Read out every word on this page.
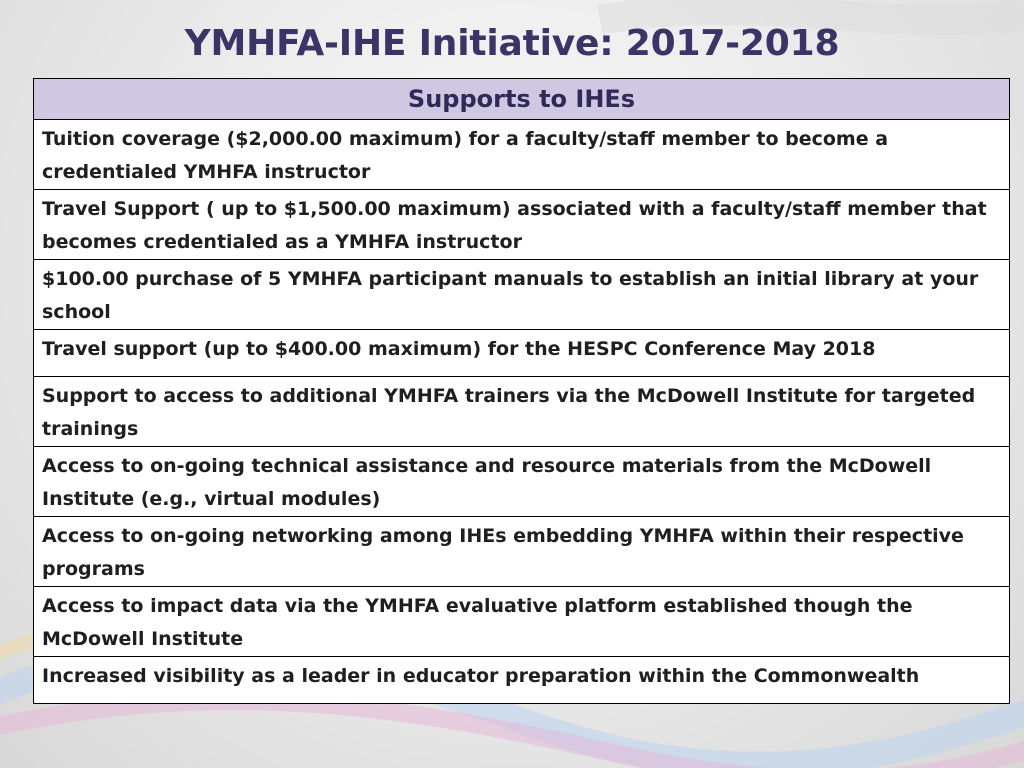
YMHFA-IHE Initiative: 2017-2018
Supports to IHEs
Tuition coverage ($2,000.00 maximum) for a faculty/staff member to become a credentialed YMHFA instructor
Travel Support ( up to $1,500.00 maximum) associated with a faculty/staff member that becomes credentialed as a YMHFA instructor
$100.00 purchase of 5 YMHFA participant manuals to establish an initial library at your school
Travel support (up to $400.00 maximum) for the HESPC Conference May 2018
Support to access to additional YMHFA trainers via the McDowell Institute for targeted trainings
Access to on-going technical assistance and resource materials from the McDowell Institute (e.g., virtual modules)
Access to on-going networking among IHEs embedding YMHFA within their respective programs
Access to impact data via the YMHFA evaluative platform established though the McDowell Institute
Increased visibility as a leader in educator preparation within the Commonwealth
